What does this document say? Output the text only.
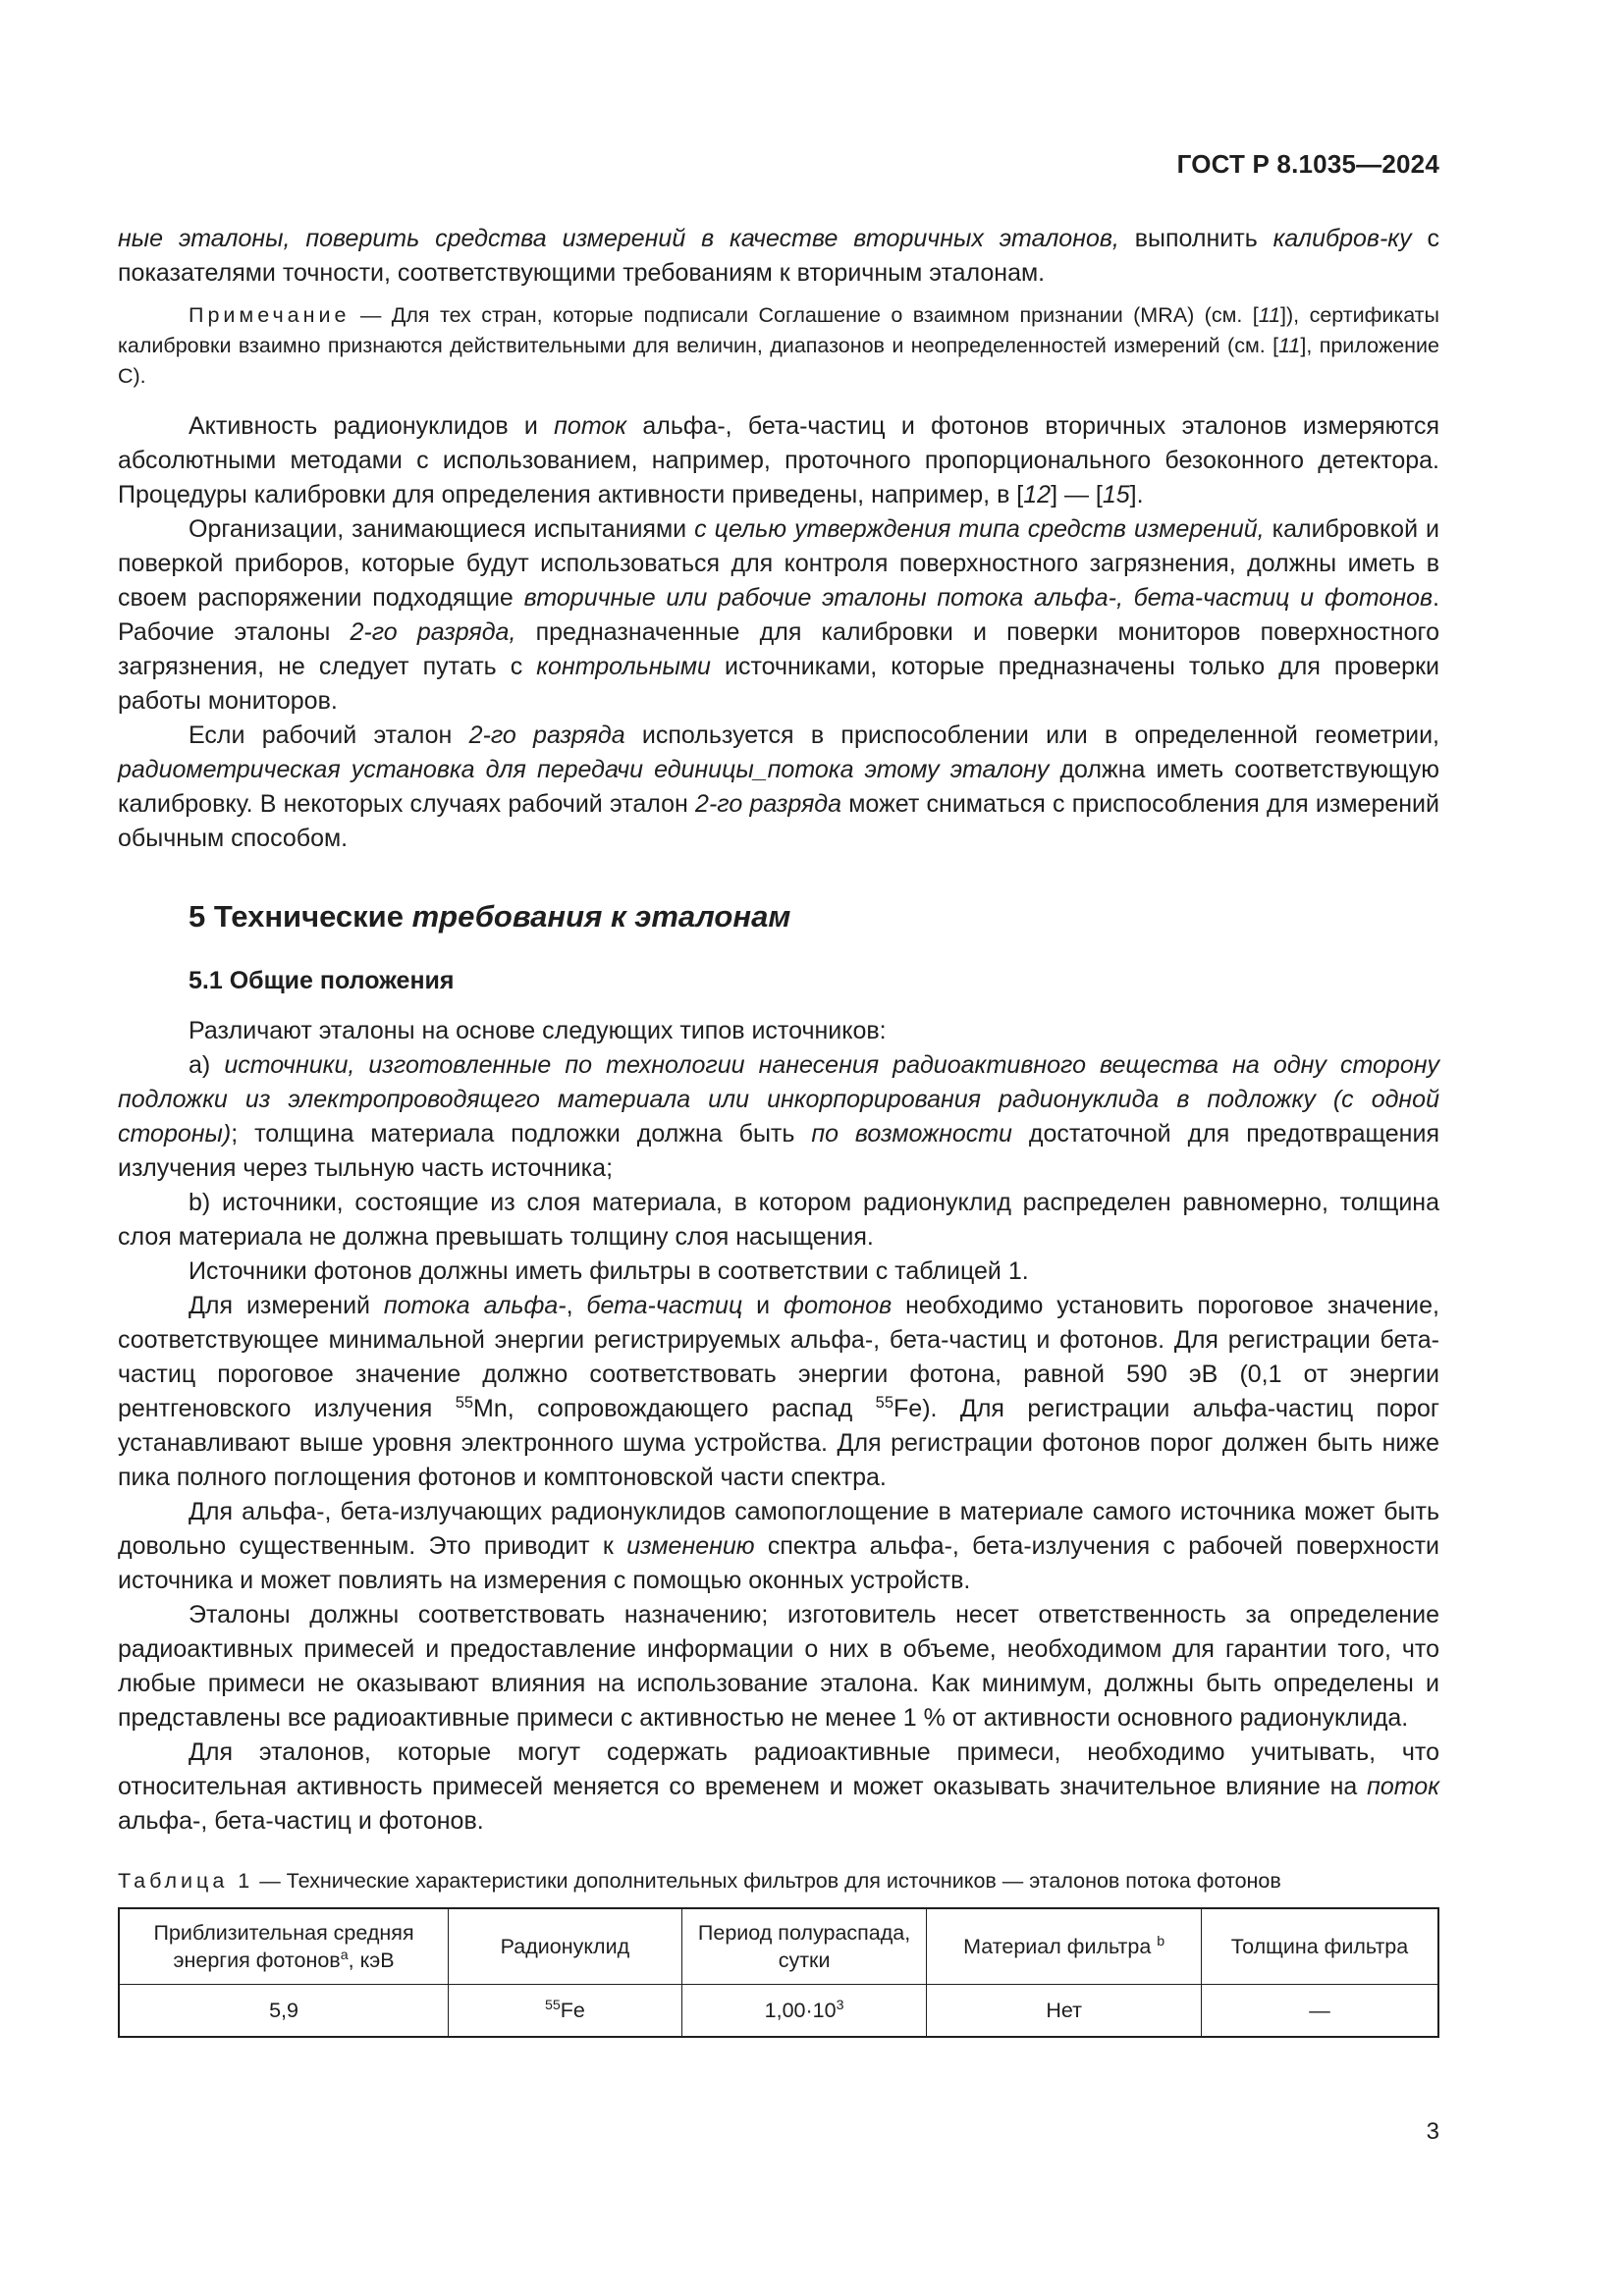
ГОСТ Р 8.1035—2024

ные эталоны, поверить средства измерений в качестве вторичных эталонов, выполнить калибров-ку с показателями точности, соответствующими требованиям к вторичным эталонам.

Примечание — Для тех стран, которые подписали Соглашение о взаимном признании (MRA) (см. [11]), сертификаты калибровки взаимно признаются действительными для величин, диапазонов и неопределенностей измерений (см. [11], приложение С).

Активность радионуклидов и поток альфа-, бета-частиц и фотонов вторичных эталонов измеряются абсолютными методами с использованием, например, проточного пропорционального безоконного детектора. Процедуры калибровки для определения активности приведены, например, в [12] — [15].

Организации, занимающиеся испытаниями с целью утверждения типа средств измерений, калибровкой и поверкой приборов, которые будут использоваться для контроля поверхностного загрязнения, должны иметь в своем распоряжении подходящие вторичные или рабочие эталоны потока альфа-, бета-частиц и фотонов. Рабочие эталоны 2-го разряда, предназначенные для калибровки и поверки мониторов поверхностного загрязнения, не следует путать с контрольными источниками, которые предназначены только для проверки работы мониторов.

Если рабочий эталон 2-го разряда используется в приспособлении или в определенной геометрии, радиометрическая установка для передачи единицы_потока этому эталону должна иметь соответствующую калибровку. В некоторых случаях рабочий эталон 2-го разряда может сниматься с приспособления для измерений обычным способом.

5 Технические требования к эталонам
5.1 Общие положения

Различают эталоны на основе следующих типов источников:

а) источники, изготовленные по технологии нанесения радиоактивного вещества на одну сторону подложки из электропроводящего материала или инкорпорирования радионуклида в подложку (с одной стороны); толщина материала подложки должна быть по возможности достаточной для предотвращения излучения через тыльную часть источника;

b) источники, состоящие из слоя материала, в котором радионуклид распределен равномерно, толщина слоя материала не должна превышать толщину слоя насыщения.

Источники фотонов должны иметь фильтры в соответствии с таблицей 1.

Для измерений потока альфа-, бета-частиц и фотонов необходимо установить пороговое значение, соответствующее минимальной энергии регистрируемых альфа-, бета-частиц и фотонов. Для регистрации бета-частиц пороговое значение должно соответствовать энергии фотона, равной 590 эВ (0,1 от энергии рентгеновского излучения $^{55}$Mn, сопровождающего распад $^{55}$Fe). Для регистрации альфа-частиц порог устанавливают выше уровня электронного шума устройства. Для регистрации фотонов порог должен быть ниже пика полного поглощения фотонов и комптоновской части спектра.

Для альфа-, бета-излучающих радионуклидов самопоглощение в материале самого источника может быть довольно существенным. Это приводит к изменению спектра альфа-, бета-излучения с рабочей поверхности источника и может повлиять на измерения с помощью оконных устройств.

Эталоны должны соответствовать назначению; изготовитель несет ответственность за определение радиоактивных примесей и предоставление информации о них в объеме, необходимом для гарантии того, что любые примеси не оказывают влияния на использование эталона. Как минимум, должны быть определены и представлены все радиоактивные примеси с активностью не менее 1 % от активности основного радионуклида.

Для эталонов, которые могут содержать радиоактивные примеси, необходимо учитывать, что относительная активность примесей меняется со временем и может оказывать значительное влияние на поток альфа-, бета-частиц и фотонов.

Таблица 1 — Технические характеристики дополнительных фильтров для источников — эталонов потока фотонов

Приблизительная средняя энергия фотонов$^a$, кэВ	Радионуклид	Период полураспада, сутки	Материал фильтра $^b$	Толщина фильтра
5,9	$^{55}$Fe	$1,00\cdot 10^3$	Нет	—
3
